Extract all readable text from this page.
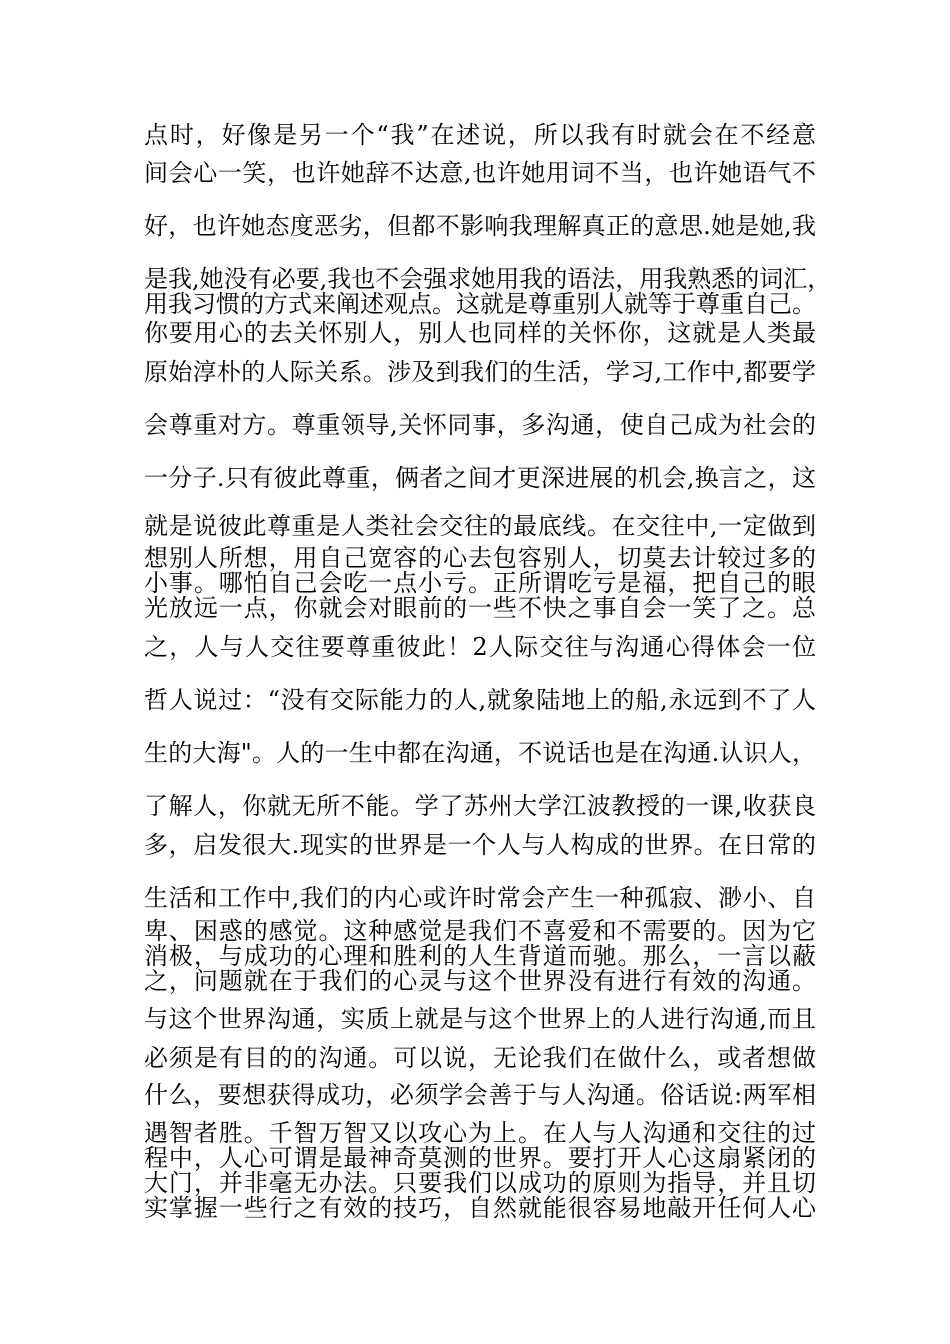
点时，好像是另一个“我”在述说，所以我有时就会在不经意
间会心一笑，也许她辞不达意,也许她用词不当，也许她语气不
好，也许她态度恶劣，但都不影响我理解真正的意思.她是她,我
是我,她没有必要,我也不会强求她用我的语法，用我熟悉的词汇，
用我习惯的方式来阐述观点。这就是尊重别人就等于尊重自己。
你要用心的去关怀别人，别人也同样的关怀你，这就是人类最
原始淳朴的人际关系。涉及到我们的生活，学习,工作中,都要学
会尊重对方。尊重领导,关怀同事，多沟通，使自己成为社会的
一分子.只有彼此尊重，俩者之间才更深进展的机会,换言之，这
就是说彼此尊重是人类社会交往的最底线。在交往中,一定做到
想别人所想，用自己宽容的心去包容别人，切莫去计较过多的
小事。哪怕自己会吃一点小亏。正所谓吃亏是福，把自己的眼
光放远一点，你就会对眼前的一些不快之事自会一笑了之。总
之，人与人交往要尊重彼此！2人际交往与沟通心得体会一位
哲人说过：“没有交际能力的人,就象陆地上的船,永远到不了人
生的大海"。人的一生中都在沟通，不说话也是在沟通.认识人，
了解人，你就无所不能。学了苏州大学江波教授的一课,收获良
多，启发很大.现实的世界是一个人与人构成的世界。在日常的
生活和工作中,我们的内心或许时常会产生一种孤寂、渺小、自
卑、困惑的感觉。这种感觉是我们不喜爱和不需要的。因为它
消极，与成功的心理和胜利的人生背道而驰。那么，一言以蔽
之，问题就在于我们的心灵与这个世界没有进行有效的沟通。
与这个世界沟通，实质上就是与这个世界上的人进行沟通,而且
必须是有目的的沟通。可以说，无论我们在做什么，或者想做
什么，要想获得成功，必须学会善于与人沟通。俗话说:两军相
遇智者胜。千智万智又以攻心为上。在人与人沟通和交往的过
程中，人心可谓是最神奇莫测的世界。要打开人心这扇紧闭的
大门，并非毫无办法。只要我们以成功的原则为指导，并且切
实掌握一些行之有效的技巧，自然就能很容易地敲开任何人心
